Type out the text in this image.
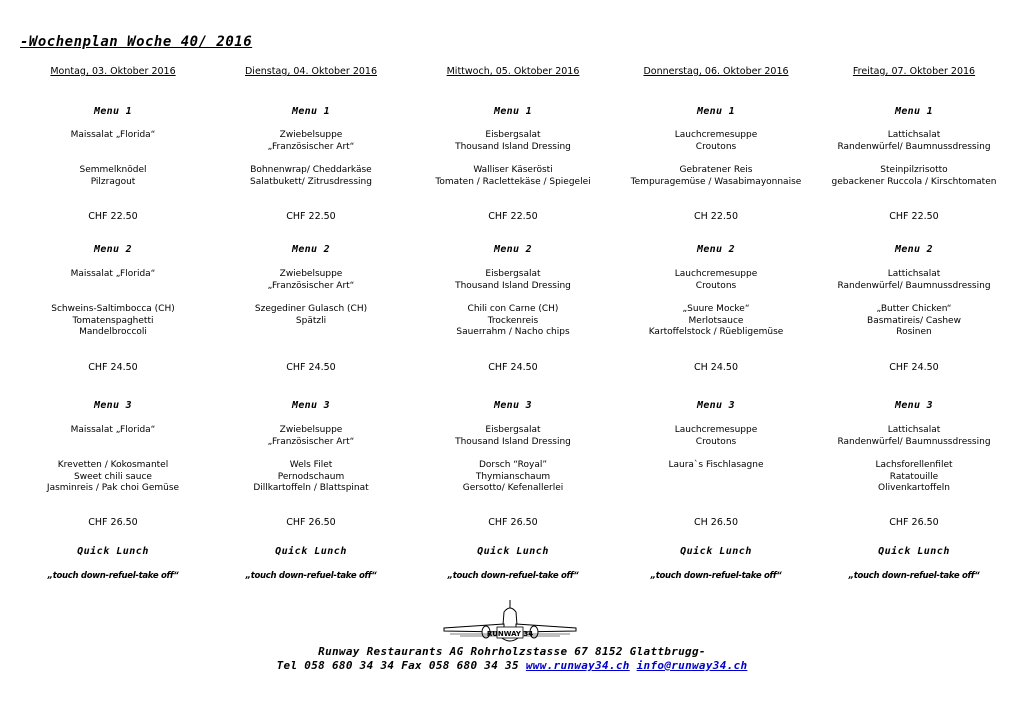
-Wochenplan Woche 40/ 2016
Montag, 03. Oktober 2016
Menu 1
Maissalat „Florida“
Semmelknödel
Pilzragout
CHF 22.50
Menu 2
Maissalat „Florida“
Schweins-Saltimbocca (CH)
Tomatenspaghetti
Mandelbroccoli
CHF 24.50
Menu 3
Maissalat „Florida“
Krevetten / Kokosmantel
Sweet chili sauce
Jasminreis / Pak choi Gemüse
CHF 26.50
Quick Lunch
„touch down-refuel-take off“
Dienstag, 04. Oktober 2016
Menu 1
Zwiebelsuppe
„Französischer Art“
Bohnenwrap/ Cheddarkäse
Salatbukett/ Zitrusdressing
CHF 22.50
Menu 2
Zwiebelsuppe
„Französischer Art“
Szegediner Gulasch (CH)
Spätzli
CHF 24.50
Menu 3
Zwiebelsuppe
„Französischer Art“
Wels Filet
Pernodschaum
Dillkartoffeln / Blattspinat
CHF 26.50
Quick Lunch
„touch down-refuel-take off“
Mittwoch, 05. Oktober 2016
Menu 1
Eisbergsalat
Thousand Island Dressing
Walliser Käserösti
Tomaten / Raclettekäse / Spiegelei
CHF 22.50
Menu 2
Eisbergsalat
Thousand Island Dressing
Chili con Carne (CH)
Trockenreis
Sauerrahm / Nacho chips
CHF 24.50
Menu 3
Eisbergsalat
Thousand Island Dressing
Dorsch “Royal”
Thymianschaum
Gersotto/ Kefenallerlei
CHF 26.50
Quick Lunch
„touch down-refuel-take off“
Donnerstag, 06. Oktober 2016
Menu 1
Lauchcremesuppe
Croutons
Gebratener Reis
Tempuragemüse / Wasabimayonnaise
CH 22.50
Menu 2
Lauchcremesuppe
Croutons
„Suure Mocke“
Merlotsauce
Kartoffelstock / Rüebligemüse
CH 24.50
Menu 3
Lauchcremesuppe
Croutons
Laura`s Fischlasagne
CH 26.50
Quick Lunch
„touch down-refuel-take off“
Freitag, 07. Oktober 2016
Menu 1
Lattichsalat
Randenwürfel/ Baumnussdressing
Steinpilzrisotto
gebackener Ruccola / Kirschtomaten
CHF 22.50
Menu 2
Lattichsalat
Randenwürfel/ Baumnussdressing
„Butter Chicken“
Basmatireis/ Cashew
Rosinen
CHF 24.50
Menu 3
Lattichsalat
Randenwürfel/ Baumnussdressing
Lachsforellenfilet
Ratatouille
Olivenkartoffeln
CHF 26.50
Quick Lunch
„touch down-refuel-take off“
RUNWAY 34
Runway Restaurants AG Rohrholzstasse 67 8152 Glattbrugg-
Tel 058 680 34 34 Fax 058 680 34 35 www.runway34.ch info@runway34.ch
